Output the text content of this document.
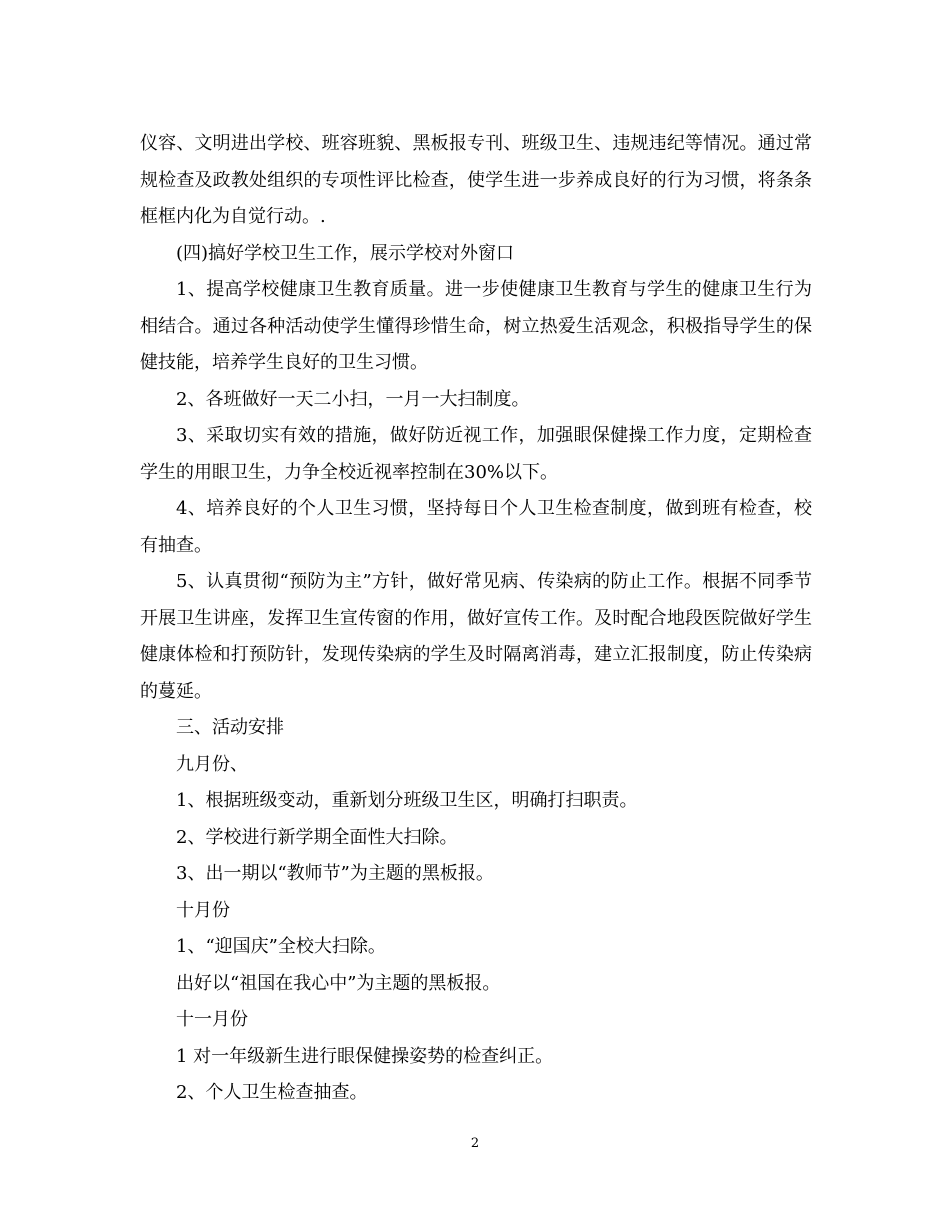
仪容、文明进出学校、班容班貌、黑板报专刊、班级卫生、违规违纪等情况。通过常规检查及政教处组织的专项性评比检查，使学生进一步养成良好的行为习惯，将条条框框内化为自觉行动。.

(四)搞好学校卫生工作，展示学校对外窗口

1、提高学校健康卫生教育质量。进一步使健康卫生教育与学生的健康卫生行为相结合。通过各种活动使学生懂得珍惜生命，树立热爱生活观念，积极指导学生的保健技能，培养学生良好的卫生习惯。

2、各班做好一天二小扫，一月一大扫制度。

3、采取切实有效的措施，做好防近视工作，加强眼保健操工作力度，定期检查学生的用眼卫生，力争全校近视率控制在30%以下。

4、培养良好的个人卫生习惯，坚持每日个人卫生检查制度，做到班有检查，校有抽查。

5、认真贯彻“预防为主”方针，做好常见病、传染病的防止工作。根据不同季节开展卫生讲座，发挥卫生宣传窗的作用，做好宣传工作。及时配合地段医院做好学生健康体检和打预防针，发现传染病的学生及时隔离消毒，建立汇报制度，防止传染病的蔓延。

三、活动安排

九月份、

1、根据班级变动，重新划分班级卫生区，明确打扫职责。

2、学校进行新学期全面性大扫除。

3、出一期以“教师节”为主题的黑板报。

十月份

1、“迎国庆”全校大扫除。

出好以“祖国在我心中”为主题的黑板报。

十一月份

1 对一年级新生进行眼保健操姿势的检查纠正。

2、个人卫生检查抽查。

2
